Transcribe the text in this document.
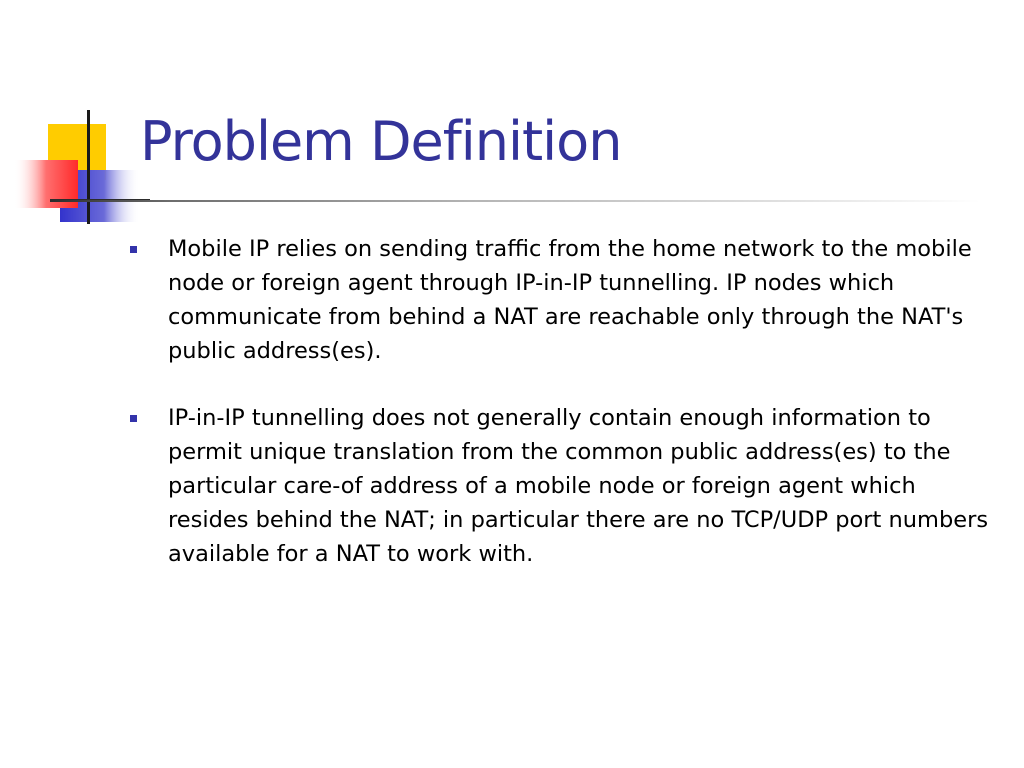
Problem Definition
Mobile IP relies on sending traffic from the home network to the mobile node or foreign agent through IP-in-IP tunnelling. IP nodes which communicate from behind a NAT are reachable only through the NAT's public address(es).
IP-in-IP tunnelling does not generally contain enough information to permit unique translation from the common public address(es) to the particular care-of address of a mobile node or foreign agent which resides behind the NAT; in particular there are no TCP/UDP port numbers available for a NAT to work with.
